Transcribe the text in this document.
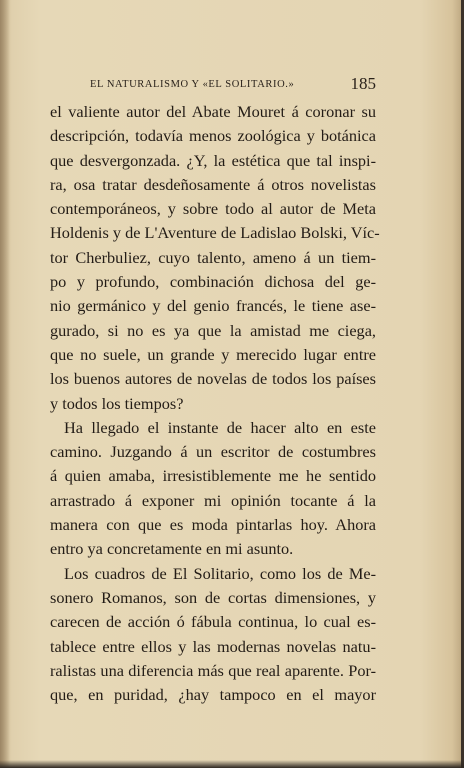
EL NATURALISMO Y «EL SOLITARIO.»	185
el valiente autor del Abate Mouret á coronar su
descripción, todavía menos zoológica y botánica
que desvergonzada. ¿Y, la estética que tal inspi-
ra, osa tratar desdeñosamente á otros novelistas
contemporáneos, y sobre todo al autor de Meta
Holdenis y de L'Aventure de Ladislao Bolski, Víc-
tor Cherbuliez, cuyo talento, ameno á un tiem-
po y profundo, combinación dichosa del ge-
nio germánico y del genio francés, le tiene ase-
gurado, si no es ya que la amistad me ciega,
que no suele, un grande y merecido lugar entre
los buenos autores de novelas de todos los países
y todos los tiempos?
Ha llegado el instante de hacer alto en este
camino. Juzgando á un escritor de costumbres
á quien amaba, irresistiblemente me he sentido
arrastrado á exponer mi opinión tocante á la
manera con que es moda pintarlas hoy. Ahora
entro ya concretamente en mi asunto.
Los cuadros de El Solitario, como los de Me-
sonero Romanos, son de cortas dimensiones, y
carecen de acción ó fábula continua, lo cual es-
tablece entre ellos y las modernas novelas natu-
ralistas una diferencia más que real aparente. Por-
que, en puridad, ¿hay tampoco en el mayor
